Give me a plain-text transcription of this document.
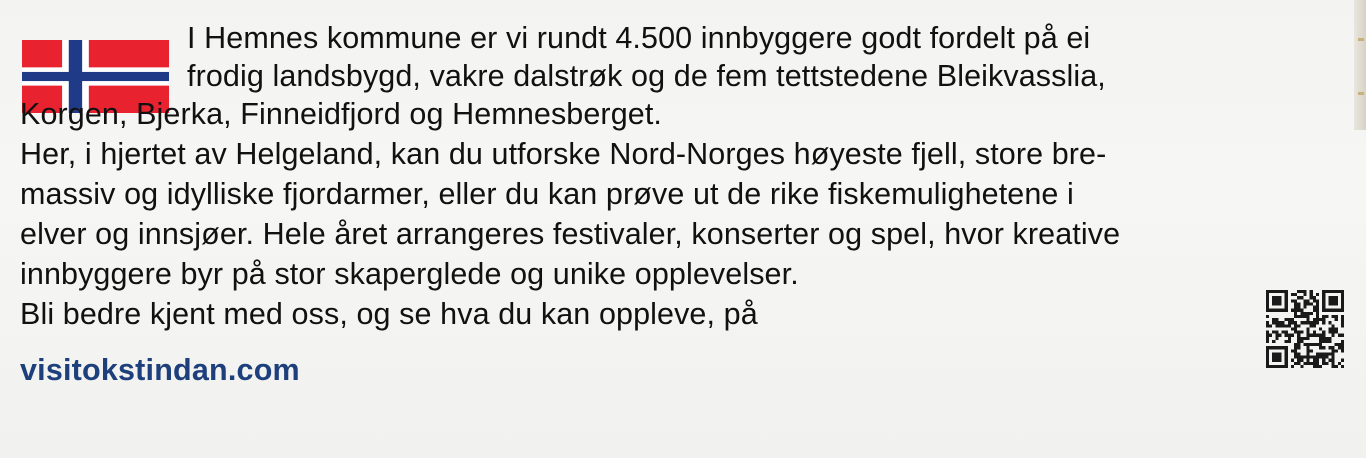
I Hemnes kommune er vi rundt 4.500 innbyggere godt fordelt på ei
frodig landsbygd, vakre dalstrøk og de fem tettstedene Bleikvasslia,
Korgen, Bjerka, Finneidfjord og Hemnesberget.
Her, i hjertet av Helgeland, kan du utforske Nord-Norges høyeste fjell, store bre-
massiv og idylliske fjordarmer, eller du kan prøve ut de rike fiskemulighetene i
elver og innsjøer. Hele året arrangeres festivaler, konserter og spel, hvor kreative
innbyggere byr på stor skaperglede og unike opplevelser.
Bli bedre kjent med oss, og se hva du kan oppleve, på
visitokstindan.com
